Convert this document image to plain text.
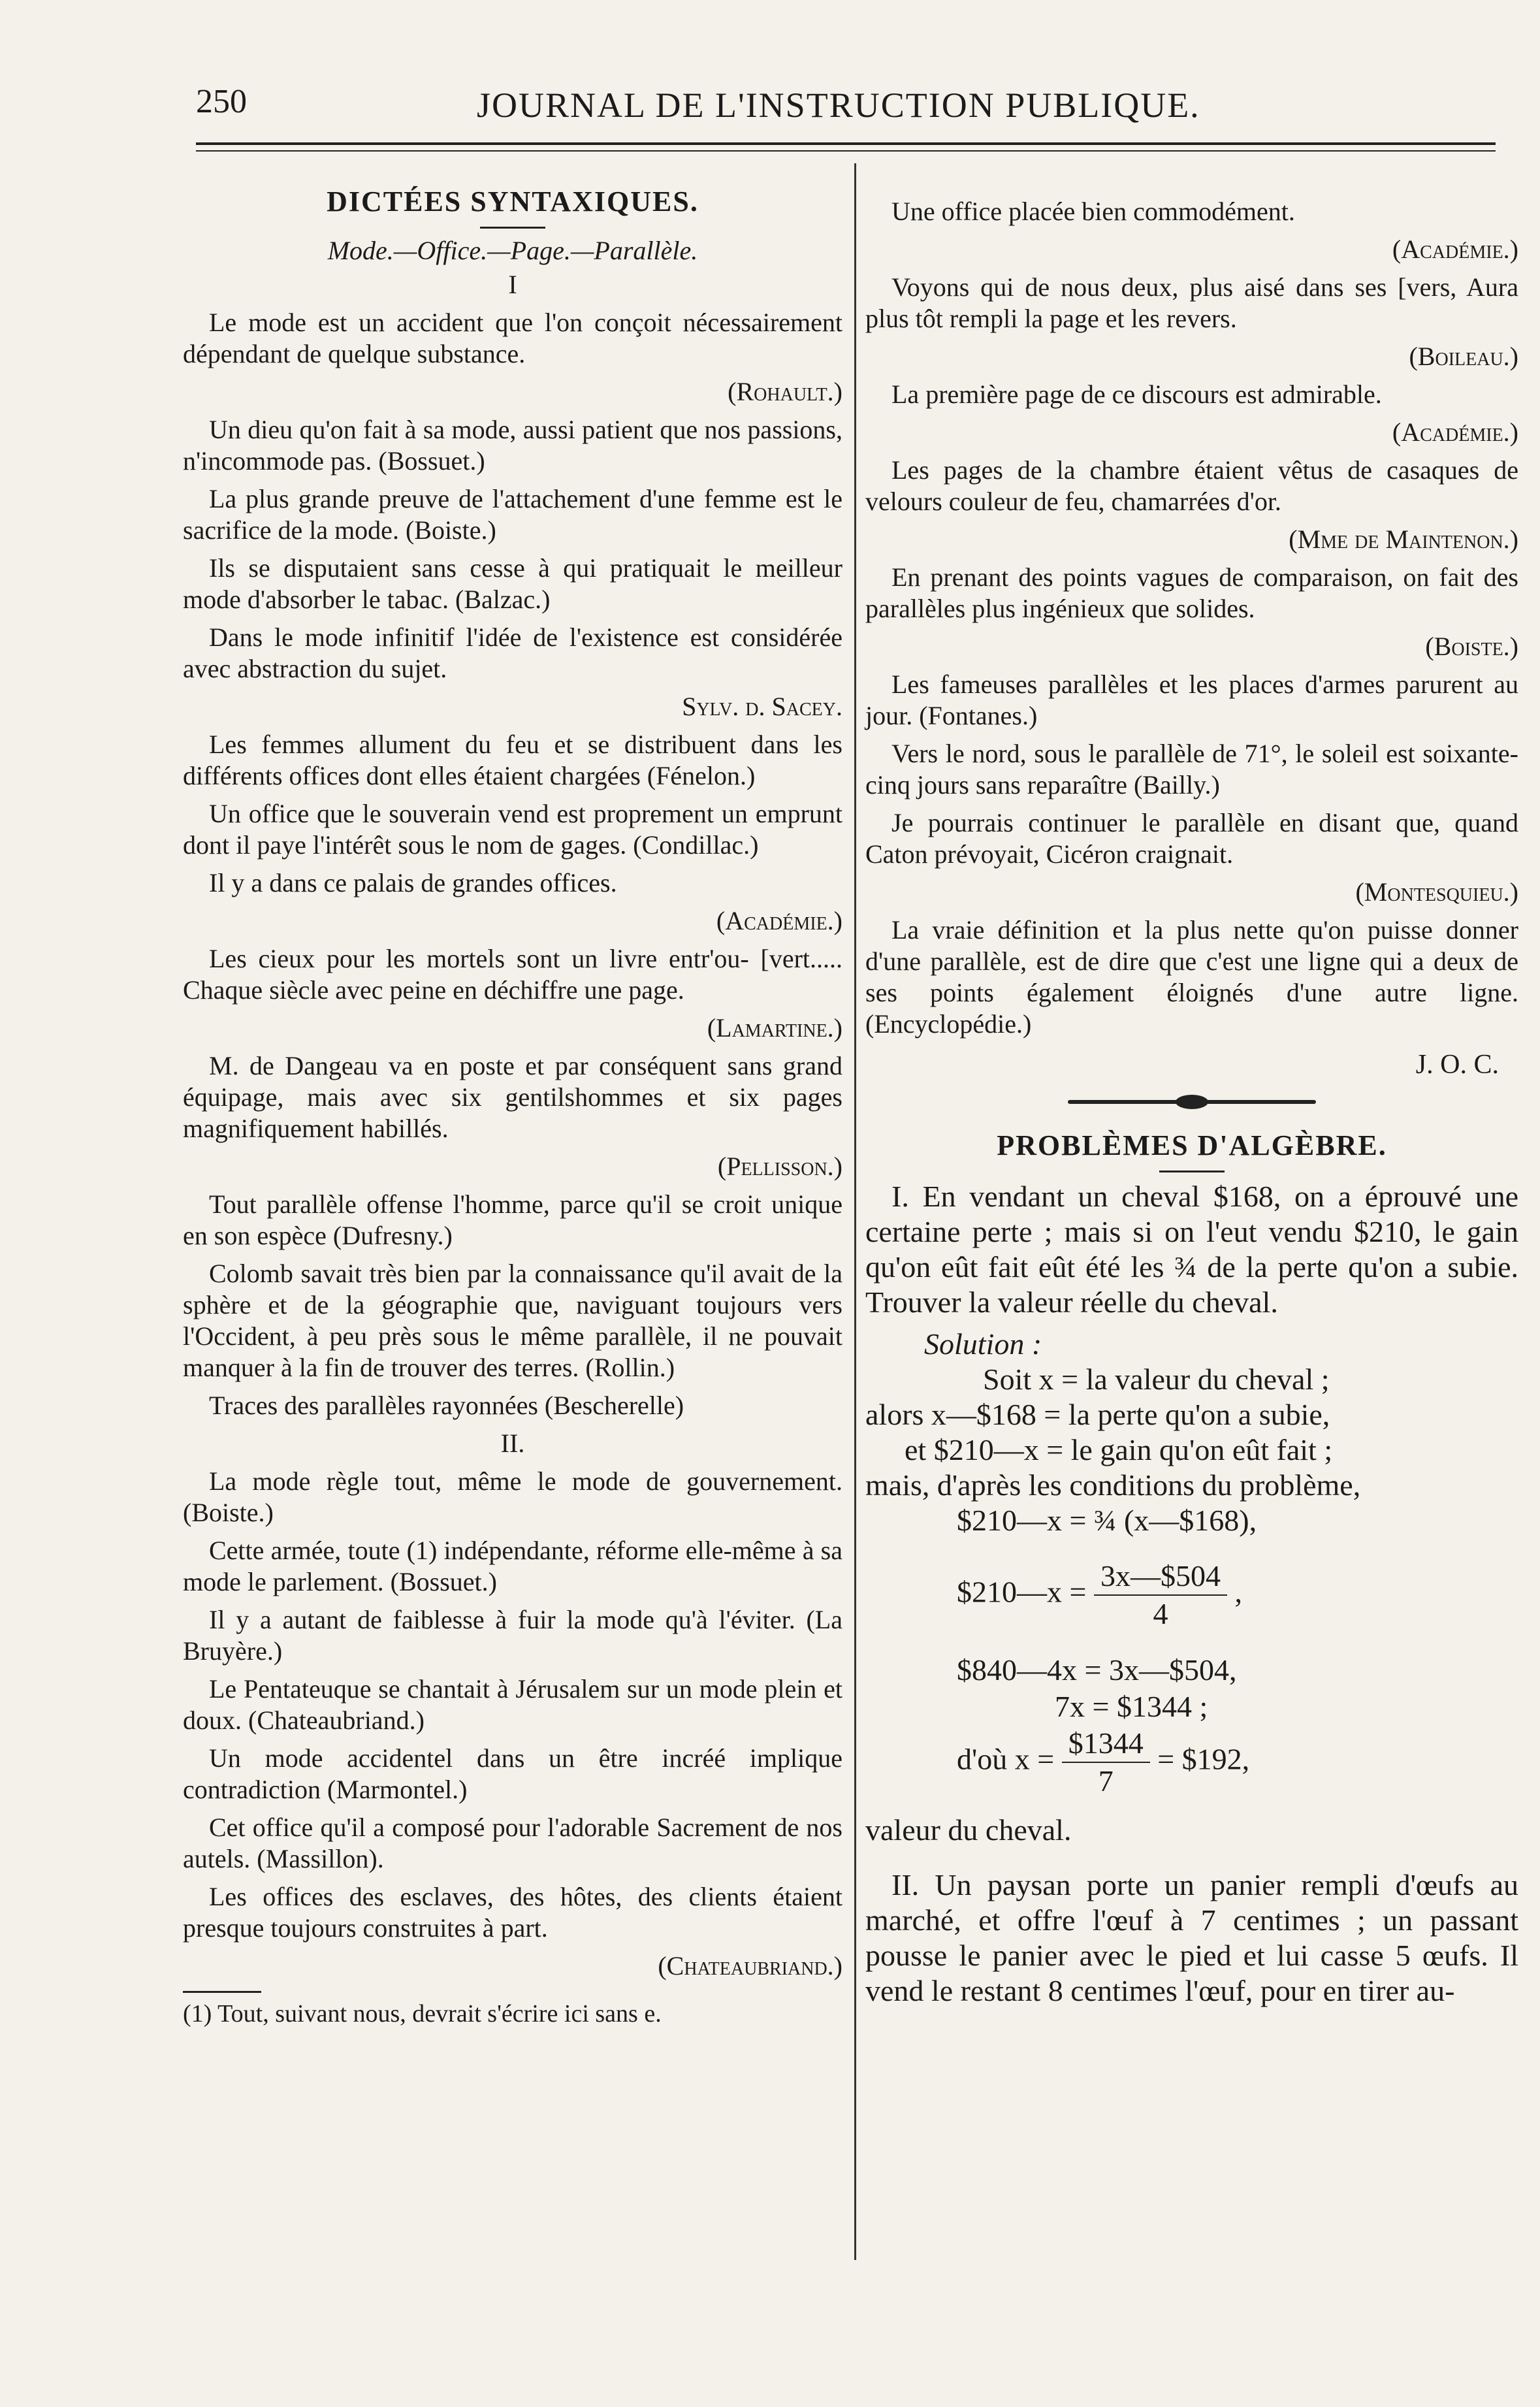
250	JOURNAL DE L'INSTRUCTION PUBLIQUE.
DICTÉES SYNTAXIQUES.
Mode.—Office.—Page.—Parallèle.
I

Le mode est un accident que l'on conçoit nécessairement dépendant de quelque substance.

(Rohault.)

Un dieu qu'on fait à sa mode, aussi patient que nos passions, n'incommode pas. (Bossuet.)

La plus grande preuve de l'attachement d'une femme est le sacrifice de la mode. (Boiste.)

Ils se disputaient sans cesse à qui pratiquait le meilleur mode d'absorber le tabac. (Balzac.)

Dans le mode infinitif l'idée de l'existence est considérée avec abstraction du sujet.

Sylv. d. Sacey.

Les femmes allument du feu et se distribuent dans les différents offices dont elles étaient chargées (Fénelon.)

Un office que le souverain vend est proprement un emprunt dont il paye l'intérêt sous le nom de gages. (Condillac.)

Il y a dans ce palais de grandes offices.

(Académie.)

Les cieux pour les mortels sont un livre entr'ou- [vert..... Chaque siècle avec peine en déchiffre une page.

(Lamartine.)

M. de Dangeau va en poste et par conséquent sans grand équipage, mais avec six gentilshommes et six pages magnifiquement habillés.

(Pellisson.)

Tout parallèle offense l'homme, parce qu'il se croit unique en son espèce (Dufresny.)

Colomb savait très bien par la connaissance qu'il avait de la sphère et de la géographie que, naviguant toujours vers l'Occident, à peu près sous le même parallèle, il ne pouvait manquer à la fin de trouver des terres. (Rollin.)

Traces des parallèles rayonnées (Bescherelle)

II.

La mode règle tout, même le mode de gouvernement. (Boiste.)

Cette armée, toute (1) indépendante, réforme elle-même à sa mode le parlement. (Bossuet.)

Il y a autant de faiblesse à fuir la mode qu'à l'éviter. (La Bruyère.)

Le Pentateuque se chantait à Jérusalem sur un mode plein et doux. (Chateaubriand.)

Un mode accidentel dans un être incréé implique contradiction (Marmontel.)

Cet office qu'il a composé pour l'adorable Sacrement de nos autels. (Massillon).

Les offices des esclaves, des hôtes, des clients étaient presque toujours construites à part.

(Chateaubriand.)
(1) Tout, suivant nous, devrait s'écrire ici sans e.

Une office placée bien commodément.

(Académie.)

Voyons qui de nous deux, plus aisé dans ses [vers, Aura plus tôt rempli la page et les revers.

(Boileau.)

La première page de ce discours est admirable.

(Académie.)

Les pages de la chambre étaient vêtus de casaques de velours couleur de feu, chamarrées d'or.

(Mme de Maintenon.)

En prenant des points vagues de comparaison, on fait des parallèles plus ingénieux que solides.

(Boiste.)

Les fameuses parallèles et les places d'armes parurent au jour. (Fontanes.)

Vers le nord, sous le parallèle de 71°, le soleil est soixante-cinq jours sans reparaître (Bailly.)

Je pourrais continuer le parallèle en disant que, quand Caton prévoyait, Cicéron craignait.

(Montesquieu.)

La vraie définition et la plus nette qu'on puisse donner d'une parallèle, est de dire que c'est une ligne qui a deux de ses points également éloignés d'une autre ligne. (Encyclopédie.)

J. O. C.
PROBLÈMES D'ALGÈBRE.

I. En vendant un cheval $168, on a éprouvé une certaine perte ; mais si on l'eut vendu $210, le gain qu'on eût fait eût été les ¾ de la perte qu'on a subie. Trouver la valeur réelle du cheval.

Solution :
Soit x = la valeur du cheval ;
alors x—$168 = la perte qu'on a subie,
et $210—x = le gain qu'on eût fait ;
mais, d'après les conditions du problème,
$210—x = ¾ (x—$168),
$210—x = $\frac{3x—\$504}{4}$ ,
$840—4x = 3x—$504,
7x = $1344 ;
d'où $x = \frac{\$1344}{7}$ = $192,
valeur du cheval.

II. Un paysan porte un panier rempli d'œufs au marché, et offre l'œuf à 7 centimes ; un passant pousse le panier avec le pied et lui casse 5 œufs. Il vend le restant 8 centimes l'œuf, pour en tirer au-
